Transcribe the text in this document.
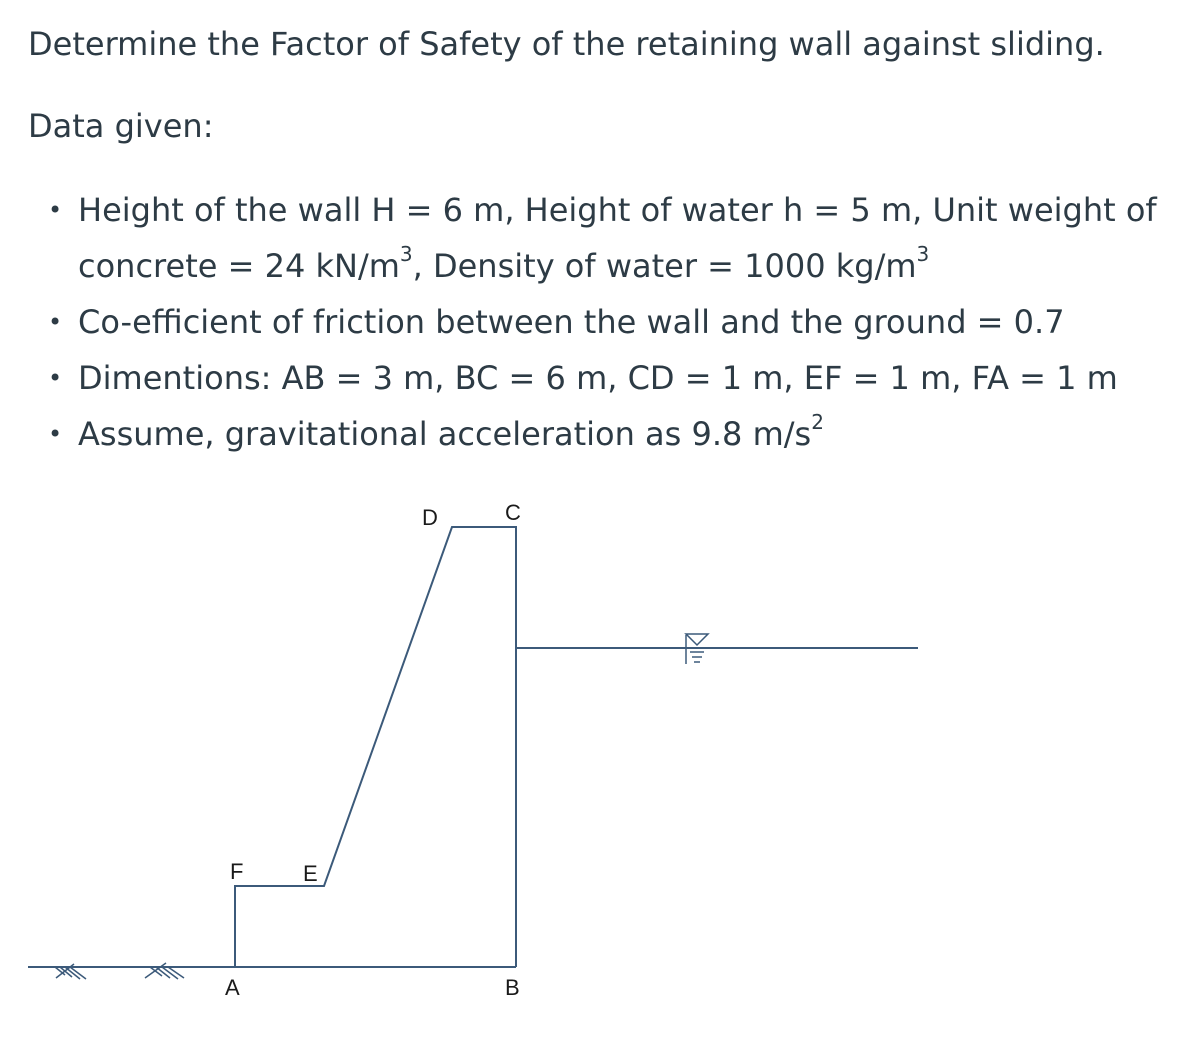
Determine the Factor of Safety of the retaining wall against sliding.
Data given:
• Height of the wall H = 6 m, Height of water h = 5 m, Unit weight of concrete = 24 $kN/m^3$, Density of water = 1000 $kg/m^3$
• Co-efficient of friction between the wall and the ground = 0.7
• Dimentions: AB = 3 m, BC = 6 m, CD = 1 m, EF = 1 m, FA = 1 m
• Assume, gravitational acceleration as 9.8 $m/s^2$
D	C
F	E
A	B
